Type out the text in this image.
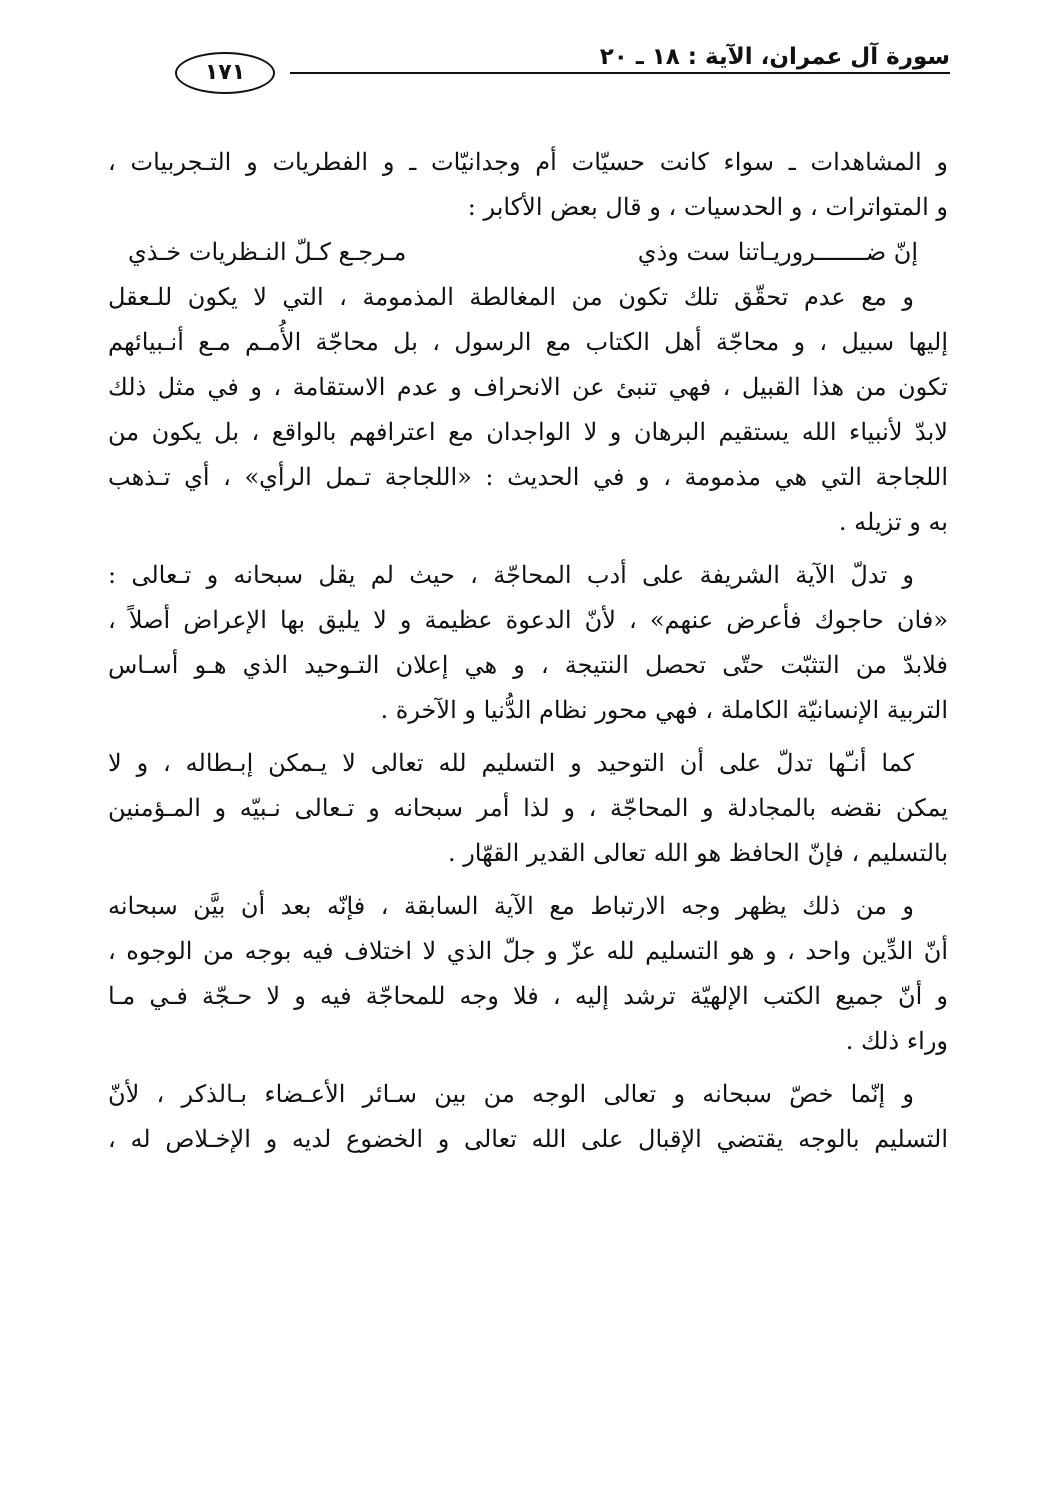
سورة آل عمران، الآية : ١٨ ـ ٢٠
١٧١
و المشاهدات ـ سواء كانت حسيّات أم وجدانيّات ـ و الفطريات و التـجربيات ،
و المتواترات ، و الحدسيات ، و قال بعض الأكابر :
إنّ ضـــــــروريـاتنا ست وذي
مـرجـع كـلّ النـظريات خـذي
و مع عدم تحقّق تلك تكون من المغالطة المذمومة ، التي لا يكون للـعقل
إليها سبيل ، و محاجّة أهل الكتاب مع الرسول ، بل محاجّة الأُمـم مـع أنـبيائهم
تكون من هذا القبيل ، فهي تنبئ عن الانحراف و عدم الاستقامة ، و في مثل ذلك
لابدّ لأنبياء الله يستقيم البرهان و لا الواجدان مع اعترافهم بالواقع ، بل يكون من
اللجاجة التي هي مذمومة ، و في الحديث : «اللجاجة تـمل الرأي» ، أي تـذهب
به و تزيله .
و تدلّ الآية الشريفة على أدب المحاجّة ، حيث لم يقل سبحانه و تـعالى :
«فان حاجوك فأعرض عنهم» ، لأنّ الدعوة عظيمة و لا يليق بها الإعراض أصلاً ،
فلابدّ من التثبّت حتّى تحصل النتيجة ، و هي إعلان التـوحيد الذي هـو أسـاس
التربية الإنسانيّة الكاملة ، فهي محور نظام الدُّنيا و الآخرة .
كما أنـّها تدلّ على أن التوحيد و التسليم لله تعالى لا يـمكن إبـطاله ، و لا
يمكن نقضه بالمجادلة و المحاجّة ، و لذا أمر سبحانه و تـعالى نـبيّه و المـؤمنين
بالتسليم ، فإنّ الحافظ هو الله تعالى القدير القهّار .
و من ذلك يظهر وجه الارتباط مع الآية السابقة ، فإنّه بعد أن بيَّن سبحانه
أنّ الدِّين واحد ، و هو التسليم لله عزّ و جلّ الذي لا اختلاف فيه بوجه من الوجوه ،
و أنّ جميع الكتب الإلهيّة ترشد إليه ، فلا وجه للمحاجّة فيه و لا حـجّة فـي مـا
وراء ذلك .
و إنّما خصّ سبحانه و تعالى الوجه من بين سـائر الأعـضاء بـالذكر ، لأنّ
التسليم بالوجه يقتضي الإقبال على الله تعالى و الخضوع لديه و الإخـلاص له ،
